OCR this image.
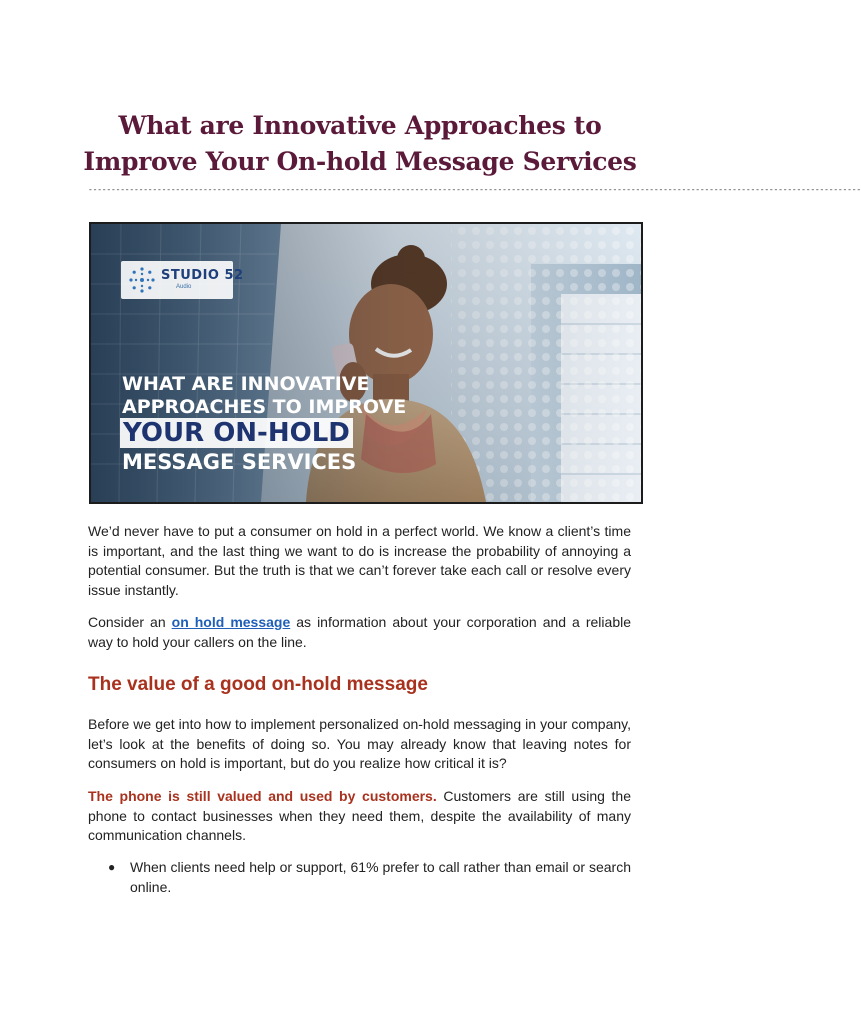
What are Innovative Approaches to Improve Your On-hold Message Services
------------------------------------------------------------------------------------------------------------------------------------------------------------------------
STUDIO 52
Audio
WHAT ARE INNOVATIVE
APPROACHES TO IMPROVE
YOUR ON-HOLD
MESSAGE SERVICES
We’d never have to put a consumer on hold in a perfect world. We know a client’s time is important, and the last thing we want to do is increase the probability of annoying a potential consumer. But the truth is that we can’t forever take each call or resolve every issue instantly.
Consider an on hold message as information about your corporation and a reliable way to hold your callers on the line.
The value of a good on-hold message
Before we get into how to implement personalized on-hold messaging in your company, let’s look at the benefits of doing so. You may already know that leaving notes for consumers on hold is important, but do you realize how critical it is?
The phone is still valued and used by customers. Customers are still using the phone to contact businesses when they need them, despite the availability of many communication channels.
● When clients need help or support, 61% prefer to call rather than email or search online.
